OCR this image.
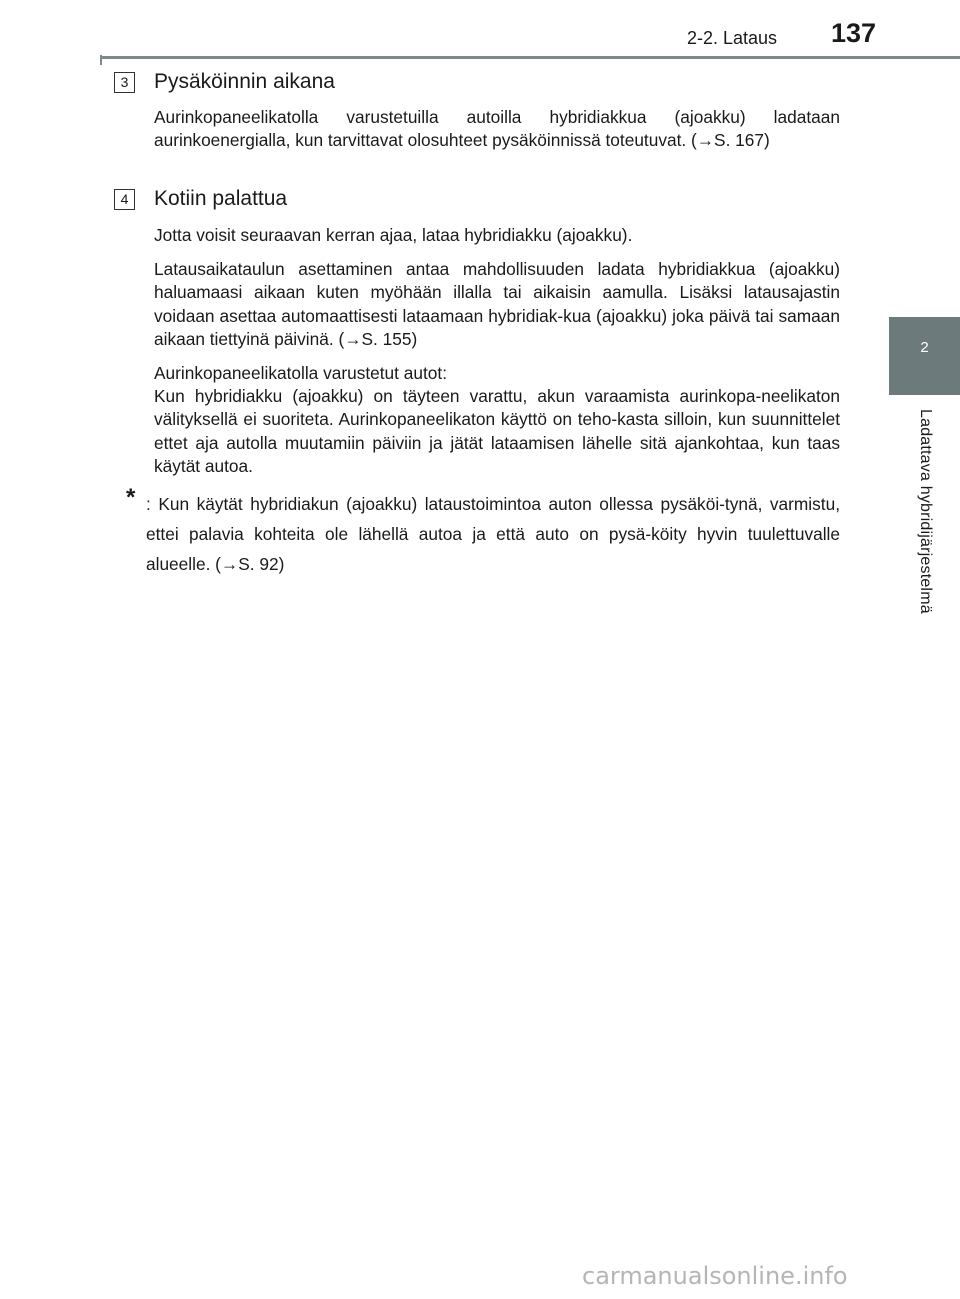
2-2. Lataus 137
2
Ladattava hybridijärjestelmä
3	Pysäköinnin aikana
Aurinkopaneelikatolla varustetuilla autoilla hybridiakkua (ajoakku) ladataan aurinkoenergialla, kun tarvittavat olosuhteet pysäköinnissä toteutuvat. (→S. 167)
4	Kotiin palattua
Jotta voisit seuraavan kerran ajaa, lataa hybridiakku (ajoakku).
Latausaikataulun asettaminen antaa mahdollisuuden ladata hybridiakkua (ajoakku) haluamaasi aikaan kuten myöhään illalla tai aikaisin aamulla. Lisäksi latausajastin voidaan asettaa automaattisesti lataamaan hybridiak-kua (ajoakku) joka päivä tai samaan aikaan tiettyinä päivinä. (→S. 155)
Aurinkopaneelikatolla varustetut autot:
Kun hybridiakku (ajoakku) on täyteen varattu, akun varaamista aurinkopa-neelikaton välityksellä ei suoriteta. Aurinkopaneelikaton käyttö on teho-kasta silloin, kun suunnittelet ettet aja autolla muutamiin päiviin ja jätät lataamisen lähelle sitä ajankohtaa, kun taas käytät autoa.
* : Kun käytät hybridiakun (ajoakku) lataustoimintoa auton ollessa pysäköi-tynä, varmistu, ettei palavia kohteita ole lähellä autoa ja että auto on pysä-köity hyvin tuulettuvalle alueelle. (→S. 92)
carmanualsonline.info
